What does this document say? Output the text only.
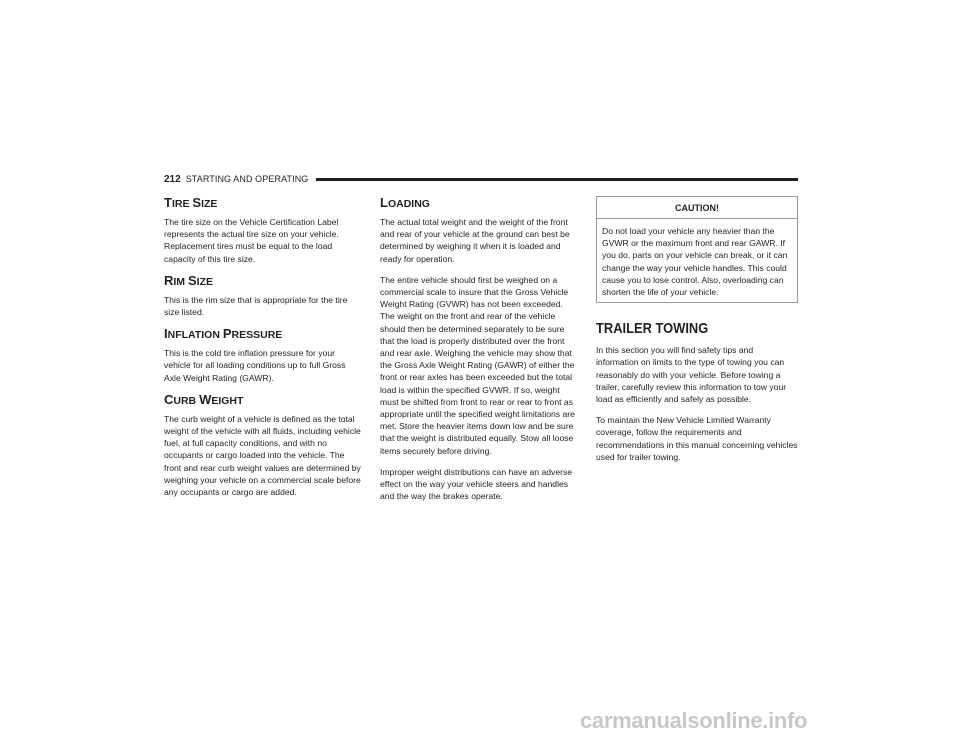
212 STARTING AND OPERATING
TIRE SIZE

The tire size on the Vehicle Certification Label represents the actual tire size on your vehicle. Replacement tires must be equal to the load capacity of this tire size.

RIM SIZE

This is the rim size that is appropriate for the tire size listed.

INFLATION PRESSURE

This is the cold tire inflation pressure for your vehicle for all loading conditions up to full Gross Axle Weight Rating (GAWR).

CURB WEIGHT

The curb weight of a vehicle is defined as the total weight of the vehicle with all fluids, including vehicle fuel, at full capacity conditions, and with no occupants or cargo loaded into the vehicle. The front and rear curb weight values are determined by weighing your vehicle on a commercial scale before any occupants or cargo are added.

LOADING

The actual total weight and the weight of the front and rear of your vehicle at the ground can best be determined by weighing it when it is loaded and ready for operation.

The entire vehicle should first be weighed on a commercial scale to insure that the Gross Vehicle Weight Rating (GVWR) has not been exceeded. The weight on the front and rear of the vehicle should then be determined separately to be sure that the load is properly distributed over the front and rear axle. Weighing the vehicle may show that the Gross Axle Weight Rating (GAWR) of either the front or rear axles has been exceeded but the total load is within the specified GVWR. If so, weight must be shifted from front to rear or rear to front as appropriate until the specified weight limitations are met. Store the heavier items down low and be sure that the weight is distributed equally. Stow all loose items securely before driving.

Improper weight distributions can have an adverse effect on the way your vehicle steers and handles and the way the brakes operate.

CAUTION!

Do not load your vehicle any heavier than the GVWR or the maximum front and rear GAWR. If you do, parts on your vehicle can break, or it can change the way your vehicle handles. This could cause you to lose control. Also, overloading can shorten the life of your vehicle.

TRAILER TOWING

In this section you will find safety tips and information on limits to the type of towing you can reasonably do with your vehicle. Before towing a trailer, carefully review this information to tow your load as efficiently and safely as possible.

To maintain the New Vehicle Limited Warranty coverage, follow the requirements and recommendations in this manual concerning vehicles used for trailer towing.

carmanualsonline.info
